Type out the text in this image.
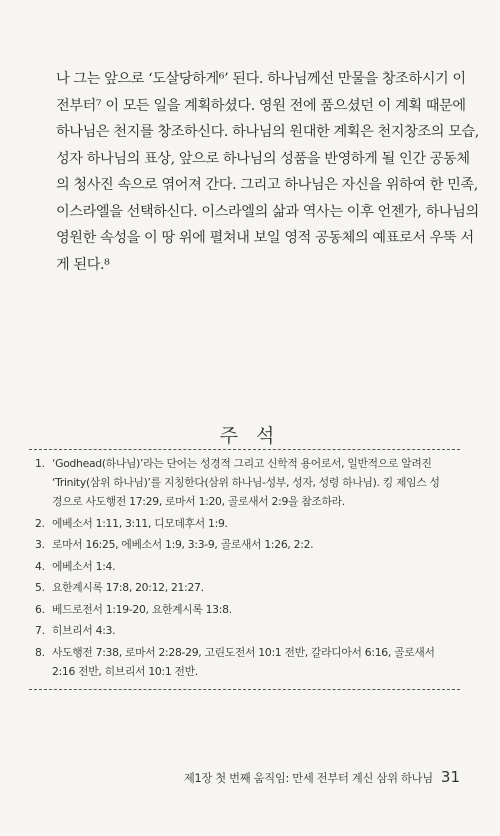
나 그는 앞으로 ‘도살당하게⁶’ 된다. 하나님께선 만물을 창조하시기 이
전부터⁷ 이 모든 일을 계획하셨다. 영원 전에 품으셨던 이 계획 때문에
하나님은 천지를 창조하신다. 하나님의 원대한 계획은 천지창조의 모습,
성자 하나님의 표상, 앞으로 하나님의 성품을 반영하게 될 인간 공동체
의 청사진 속으로 엮어져 간다. 그리고 하나님은 자신을 위하여 한 민족,
이스라엘을 선택하신다. 이스라엘의 삶과 역사는 이후 언젠가, 하나님의
영원한 속성을 이 땅 위에 펼쳐내 보일 영적 공동체의 예표로서 우뚝 서
게 된다.⁸
주 석
1. ‘Godhead(하나님)’라는 단어는 성경적 그리고 신학적 용어로서, 일반적으로 알려진
‘Trinity(삼위 하나님)’를 지칭한다(삼위 하나님-성부, 성자, 성령 하나님). 킹 제임스 성
경으로 사도행전 17:29, 로마서 1:20, 골로새서 2:9을 참조하라.
2. 에베소서 1:11, 3:11, 디모데후서 1:9.
3. 로마서 16:25, 에베소서 1:9, 3:3-9, 골로새서 1:26, 2:2.
4. 에베소서 1:4.
5. 요한계시록 17:8, 20:12, 21:27.
6. 베드로전서 1:19-20, 요한계시록 13:8.
7. 히브리서 4:3.
8. 사도행전 7:38, 로마서 2:28-29, 고린도전서 10:1 전반, 갈라디아서 6:16, 골로새서
2:16 전반, 히브리서 10:1 전반.
제1장 첫 번째 움직임: 만세 전부터 계신 삼위 하나님 31
